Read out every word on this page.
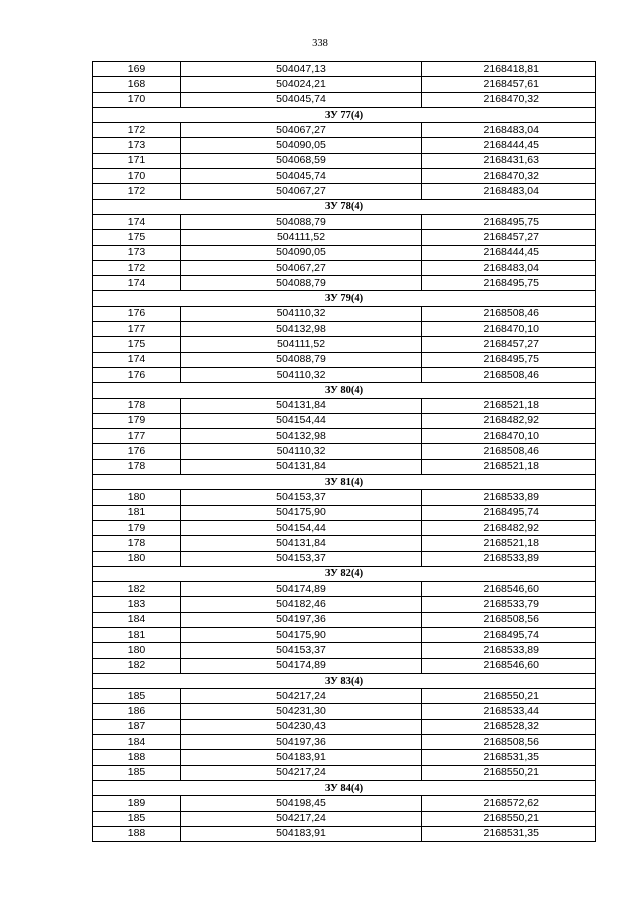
338
169	504047,13	2168418,81
168	504024,21	2168457,61
170	504045,74	2168470,32
ЗУ 77(4)		
172	504067,27	2168483,04
173	504090,05	2168444,45
171	504068,59	2168431,63
170	504045,74	2168470,32
172	504067,27	2168483,04
ЗУ 78(4)		
174	504088,79	2168495,75
175	504111,52	2168457,27
173	504090,05	2168444,45
172	504067,27	2168483,04
174	504088,79	2168495,75
ЗУ 79(4)		
176	504110,32	2168508,46
177	504132,98	2168470,10
175	504111,52	2168457,27
174	504088,79	2168495,75
176	504110,32	2168508,46
ЗУ 80(4)		
178	504131,84	2168521,18
179	504154,44	2168482,92
177	504132,98	2168470,10
176	504110,32	2168508,46
178	504131,84	2168521,18
ЗУ 81(4)		
180	504153,37	2168533,89
181	504175,90	2168495,74
179	504154,44	2168482,92
178	504131,84	2168521,18
180	504153,37	2168533,89
ЗУ 82(4)		
182	504174,89	2168546,60
183	504182,46	2168533,79
184	504197,36	2168508,56
181	504175,90	2168495,74
180	504153,37	2168533,89
182	504174,89	2168546,60
ЗУ 83(4)		
185	504217,24	2168550,21
186	504231,30	2168533,44
187	504230,43	2168528,32
184	504197,36	2168508,56
188	504183,91	2168531,35
185	504217,24	2168550,21
ЗУ 84(4)		
189	504198,45	2168572,62
185	504217,24	2168550,21
188	504183,91	2168531,35
